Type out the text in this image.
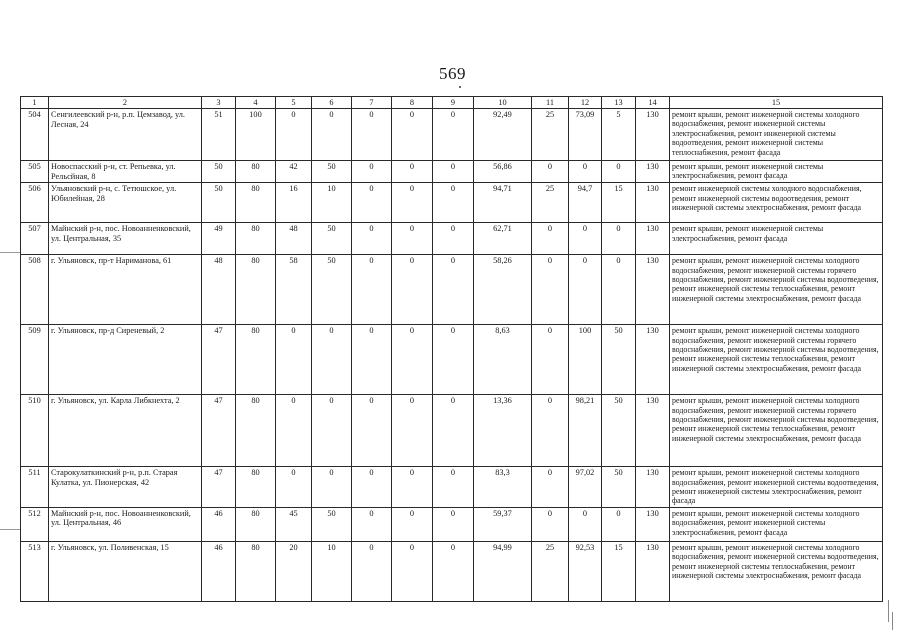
569
1	2	3	4	5	6	7	8	9	10	11	12	13	14	15
504	Сенгилеевский р-н, р.п. Цемзавод, ул. Лесная, 24	51	100	0	0	0	0	0	92,49	25	73,09	5	130	ремонт крыши, ремонт инженерной системы холодного водоснабжения, ремонт инженерной системы электроснабжения, ремонт инженерной системы водоотведения, ремонт инженерной системы теплоснабжения, ремонт фасада
505	Новоспасский р-н, ст. Репьевка, ул. Рельсйная, 8	50	80	42	50	0	0	0	56,86	0	0	0	130	ремонт крыши, ремонт инженерной системы электроснабжения, ремонт фасада
506	Ульяновский р-н, с. Тетюшское, ул. Юбилейная, 28	50	80	16	10	0	0	0	94,71	25	94,7	15	130	ремонт инженерной системы холодного водоснабжения, ремонт инженерной системы водоотведения, ремонт инженерной системы электроснабжения, ремонт фасада
507	Майнский р-н, пос. Новоанненковский, ул. Центральная, 35	49	80	48	50	0	0	0	62,71	0	0	0	130	ремонт крыши, ремонт инженерной системы электроснабжения, ремонт фасада
508	г. Ульяновск, пр-т Нариманова, 61	48	80	58	50	0	0	0	58,26	0	0	0	130	ремонт крыши, ремонт инженерной системы холодного водоснабжения, ремонт инженерной системы горячего водоснабжения, ремонт инженерной системы водоотведения, ремонт инженерной системы теплоснабжения, ремонт инженерной системы электроснабжения, ремонт фасада
509	г. Ульяновск, пр-д Сиреневый, 2	47	80	0	0	0	0	0	8,63	0	100	50	130	ремонт крыши, ремонт инженерной системы холодного водоснабжения, ремонт инженерной системы горячего водоснабжения, ремонт инженерной системы водоотведения, ремонт инженерной системы теплоснабжения, ремонт инженерной системы электроснабжения, ремонт фасада
510	г. Ульяновск, ул. Карла Либкнехта, 2	47	80	0	0	0	0	0	13,36	0	98,21	50	130	ремонт крыши, ремонт инженерной системы холодного водоснабжения, ремонт инженерной системы горячего водоснабжения, ремонт инженерной системы водоотведения, ремонт инженерной системы теплоснабжения, ремонт инженерной системы электроснабжения, ремонт фасада
511	Старокулаткинский р-н, р.п. Старая Кулатка, ул. Пионерская, 42	47	80	0	0	0	0	0	83,3	0	97,02	50	130	ремонт крыши, ремонт инженерной системы холодного водоснабжения, ремонт инженерной системы водоотведения, ремонт инженерной системы электроснабжения, ремонт фасада
512	Майнский р-н, пос. Новоанненковский, ул. Центральная, 46	46	80	45	50	0	0	0	59,37	0	0	0	130	ремонт крыши, ремонт инженерной системы холодного водоснабжения, ремонт инженерной системы электроснабжения, ремонт фасада
513	г. Ульяновск, ул. Поливенская, 15	46	80	20	10	0	0	0	94,99	25	92,53	15	130	ремонт крыши, ремонт инженерной системы холодного водоснабжения, ремонт инженерной системы водоотведения, ремонт инженерной системы теплоснабжения, ремонт инженерной системы электроснабжения, ремонт фасада
